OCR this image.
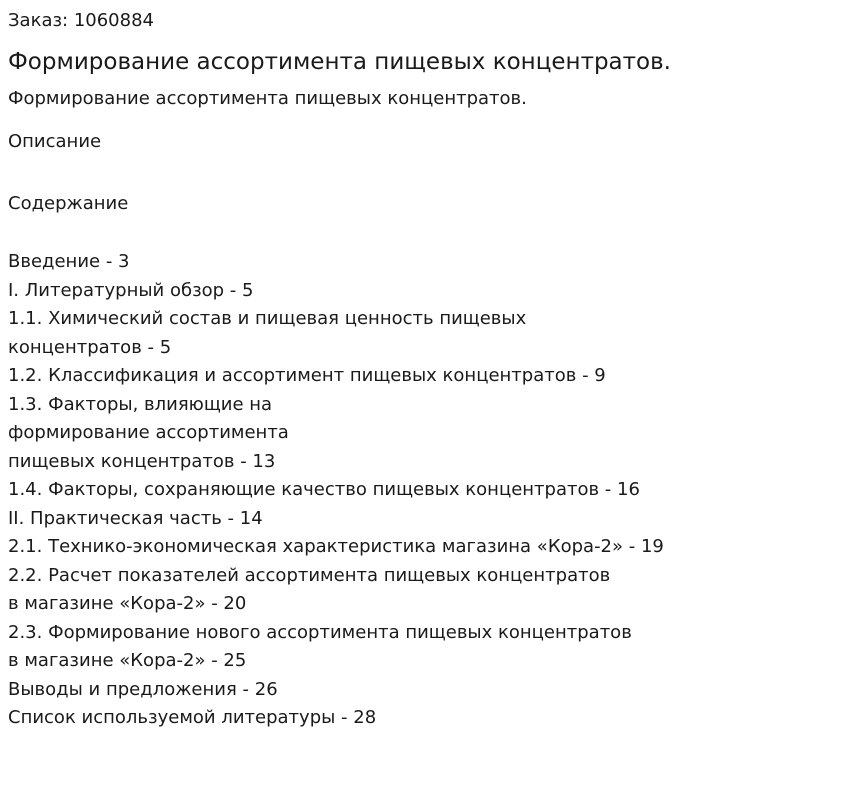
Заказ: 1060884
Формирование ассортимента пищевых концентратов.
Формирование ассортимента пищевых концентратов.
Описание
Содержание
Введение - 3
I. Литературный обзор - 5
1.1. Химический состав и пищевая ценность пищевых
концентратов - 5
1.2. Классификация и ассортимент пищевых концентратов - 9
1.3. Факторы, влияющие на
формирование ассортимента
пищевых концентратов - 13
1.4. Факторы, сохраняющие качество пищевых концентратов - 16
II. Практическая часть - 14
2.1. Технико-экономическая характеристика магазина «Кора-2» - 19
2.2. Расчет показателей ассортимента пищевых концентратов
в магазине «Кора-2» - 20
2.3. Формирование нового ассортимента пищевых концентратов
в магазине «Кора-2» - 25
Выводы и предложения - 26
Список используемой литературы - 28
